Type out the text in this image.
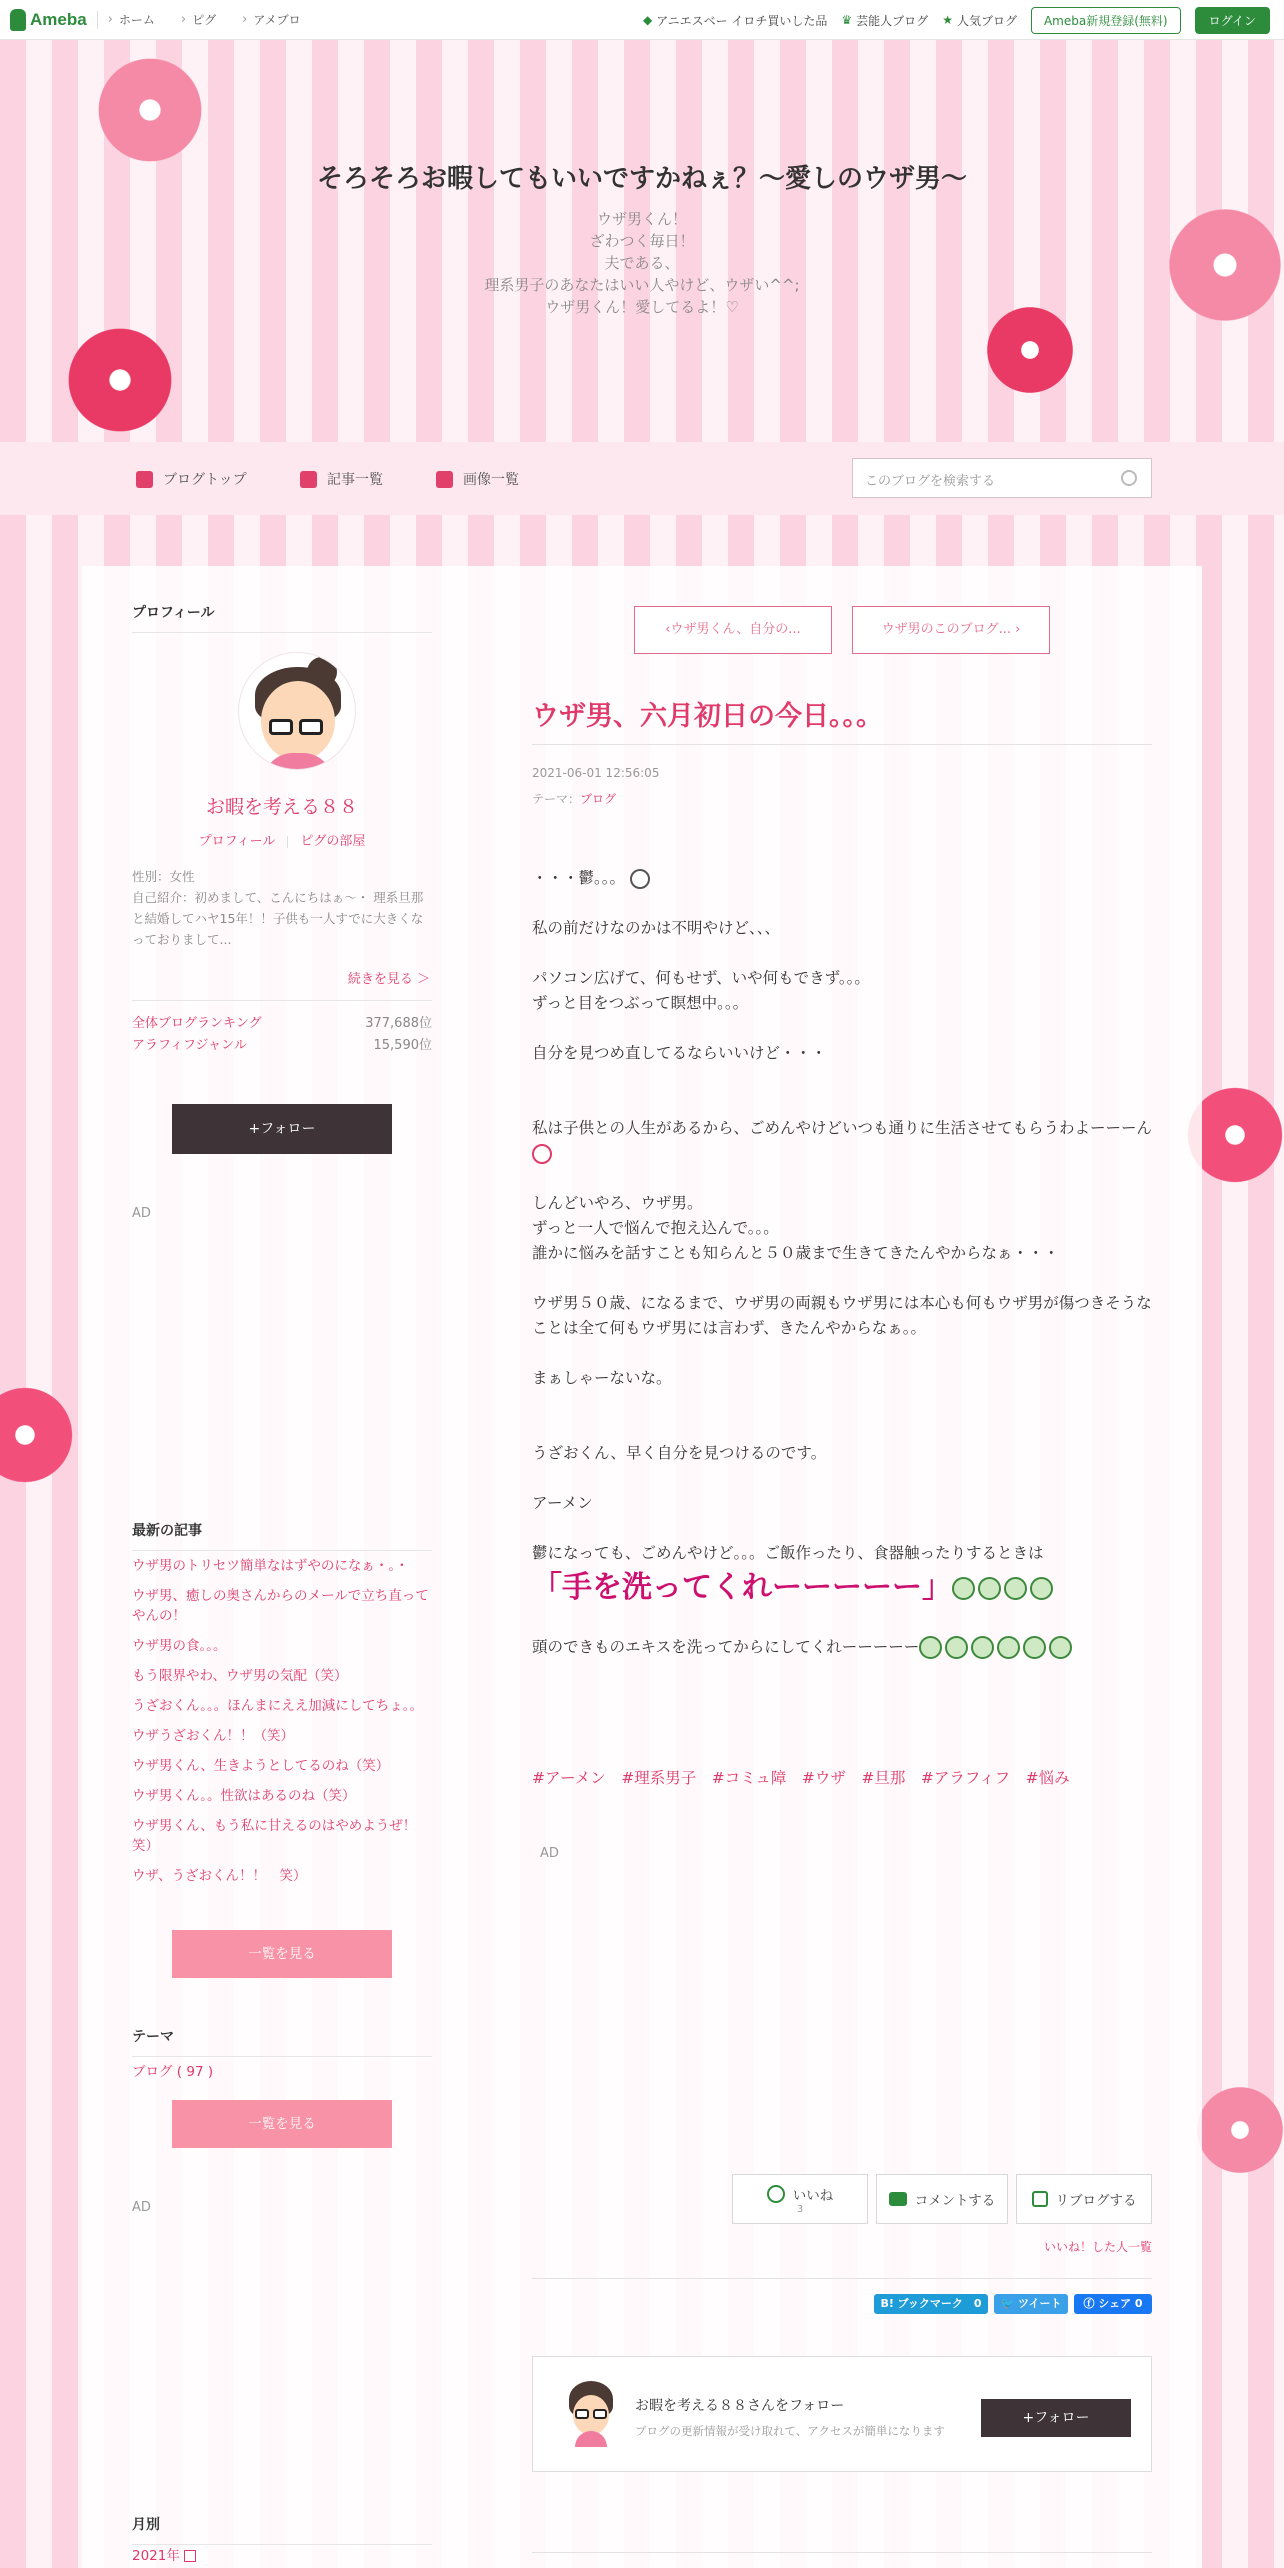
Ameba	› ホーム	› ピグ	› アメブロ	◆ アニエスベー イロチ買いした品 ♛ 芸能人ブログ ★ 人気ブログ	Ameba新規登録(無料)	ログイン
そろそろお暇してもいいですかねぇ？〜愛しのウザ男〜
ウザ男くん！
ざわつく毎日！
夫である、
理系男子のあなたはいい人やけど、ウザい^^;
ウザ男くん！愛してるよ！♡
ブログトップ	記事一覧	画像一覧	このブログを検索する
プロフィール
お暇を考える８８
プロフィール ピグの部屋
性別：女性
自己紹介：初めまして、こんにちはぁ〜・ 理系旦那と結婚してハヤ15年！！子供も一人すでに大きくなっておりまして...
続きを見る ＞
全体ブログランキング	377,688位
アラフィフジャンル	15,590位
+フォロー
AD
最新の記事
ウザ男のトリセツ簡単なはずやのになぁ・。・
ウザ男、癒しの奥さんからのメールで立ち直ってやんの！
ウザ男の食。。。
もう限界やわ、ウザ男の気配（笑）
うざおくん。。。ほんまにええ加減にしてちょ。。
ウザうざおくん！！（笑）
ウザ男くん、生きようとしてるのね（笑）
ウザ男くん。。性欲はあるのね（笑）
ウザ男くん、もう私に甘えるのはやめようぜ！笑）
ウザ、うざおくん！！　笑）
一覧を見る
テーマ
ブログ ( 97 )
一覧を見る
AD
月別
2021年
‹ウザ男くん、自分の...	ウザ男のこのブログ... ›
ウザ男、六月初日の今日。。。
2021-06-01 12:56:05
テーマ：ブログ
・・・鬱。。。

私の前だけなのかは不明やけど、、、

パソコン広げて、何もせず、いや何もできず。。。
ずっと目をつぶって瞑想中。。。

自分を見つめ直してるならいいけど・・・

私は子供との人生があるから、ごめんやけどいつも通りに生活させてもらうわよーーーん

しんどいやろ、ウザ男。
ずっと一人で悩んで抱え込んで。。。
誰かに悩みを話すことも知らんと５０歳まで生きてきたんやからなぁ・・・

ウザ男５０歳、になるまで、ウザ男の両親もウザ男には本心も何もウザ男が傷つきそうなことは全て何もウザ男には言わず、きたんやからなぁ。。

まぁしゃーないな。

うざおくん、早く自分を見つけるのです。

アーメン

鬱になっても、ごめんやけど。。。ご飯作ったり、食器触ったりするときは
「手を洗ってくれーーーーー」

頭のできものエキスを洗ってからにしてくれーーーーー
#アーメン　#理系男子　#コミュ障　#ウザ　#旦那　#アラフィフ　#悩み
AD
いいね
3	コメントする	リブログする
いいね！した人一覧
B! ブックマーク　0	🐦 ツイート	ⓕ シェア 0
お暇を考える８８さんをフォロー
ブログの更新情報が受け取れて、アクセスが簡単になります
+フォロー
